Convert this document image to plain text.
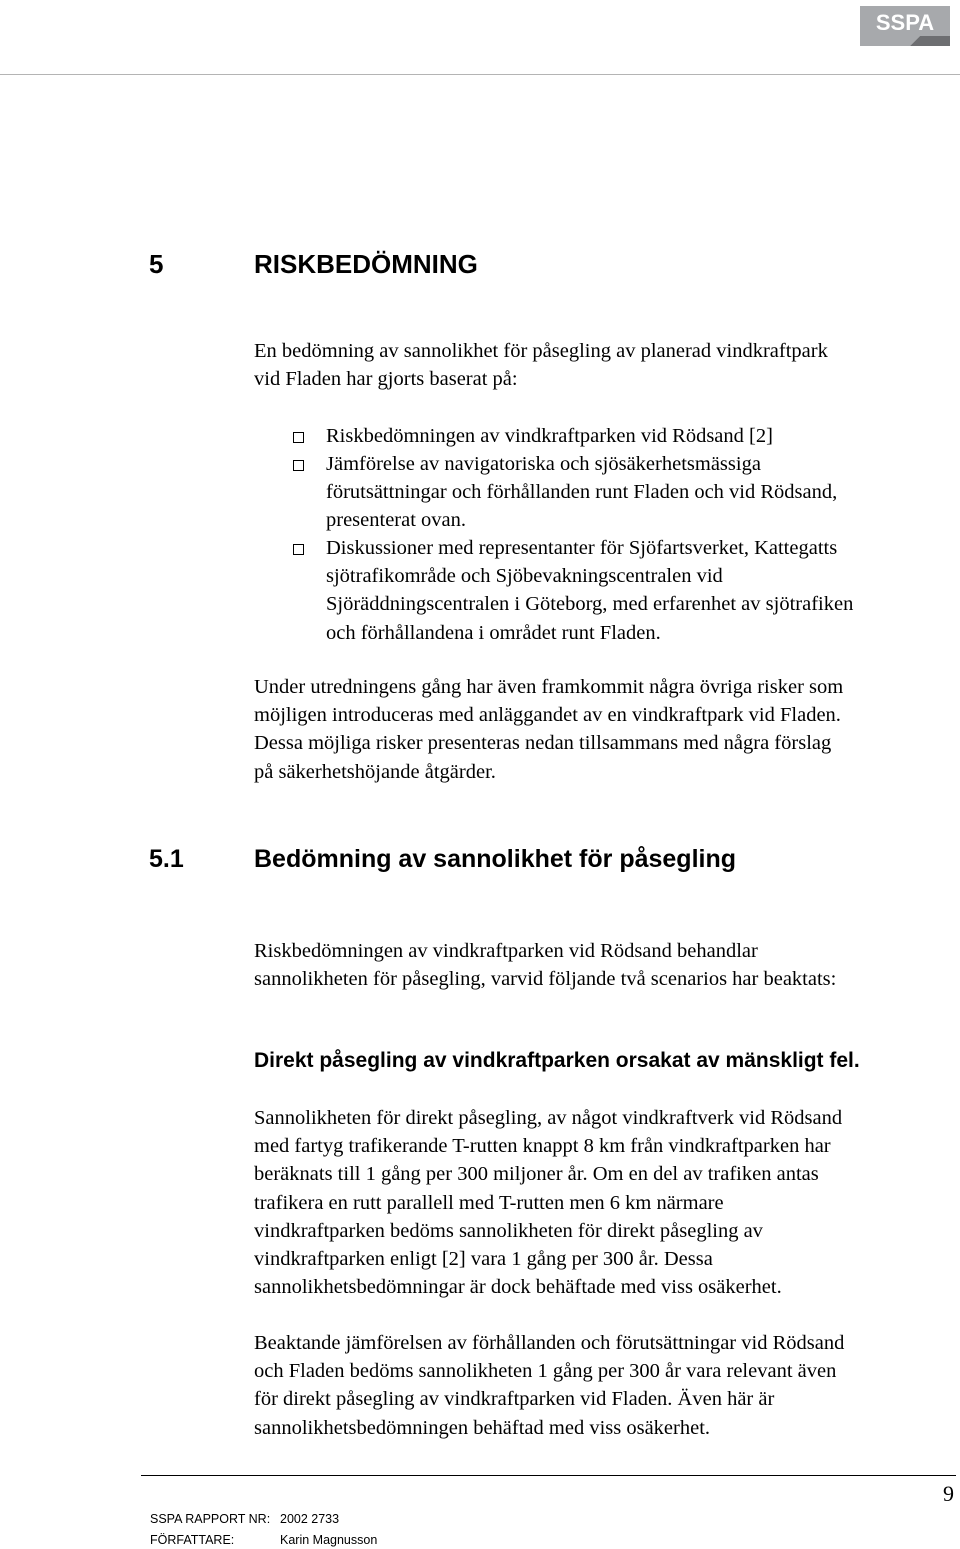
SSPA
5	RISKBEDÖMNING

En bedömning av sannolikhet för påsegling av planerad vindkraftpark
vid Fladen har gjorts baserat på:

Riskbedömningen av vindkraftparken vid Rödsand [2]
Jämförelse av navigatoriska och sjösäkerhetsmässiga
förutsättningar och förhållanden runt Fladen och vid Rödsand,
presenterat ovan.
Diskussioner med representanter för Sjöfartsverket, Kattegatts
sjötrafikområde och Sjöbevakningscentralen vid
Sjöräddningscentralen i Göteborg, med erfarenhet av sjötrafiken
och förhållandena i området runt Fladen.

Under utredningens gång har även framkommit några övriga risker som
möjligen introduceras med anläggandet av en vindkraftpark vid Fladen.
Dessa möjliga risker presenteras nedan tillsammans med några förslag
på säkerhetshöjande åtgärder.

5.1	Bedömning av sannolikhet för påsegling

Riskbedömningen av vindkraftparken vid Rödsand behandlar
sannolikheten för påsegling, varvid följande två scenarios har beaktats:

Direkt påsegling av vindkraftparken orsakat av mänskligt fel.

Sannolikheten för direkt påsegling, av något vindkraftverk vid Rödsand
med fartyg trafikerande T-rutten knappt 8 km från vindkraftparken har
beräknats till 1 gång per 300 miljoner år. Om en del av trafiken antas
trafikera en rutt parallell med T-rutten men 6 km närmare
vindkraftparken bedöms sannolikheten för direkt påsegling av
vindkraftparken enligt [2] vara 1 gång per 300 år. Dessa
sannolikhetsbedömningar är dock behäftade med viss osäkerhet.

Beaktande jämförelsen av förhållanden och förutsättningar vid Rödsand
och Fladen bedöms sannolikheten 1 gång per 300 år vara relevant även
för direkt påsegling av vindkraftparken vid Fladen. Även här är
sannolikhetsbedömningen behäftad med viss osäkerhet.

9
SSPA RAPPORT NR: 2002 2733
FÖRFATTARE:	Karin Magnusson
